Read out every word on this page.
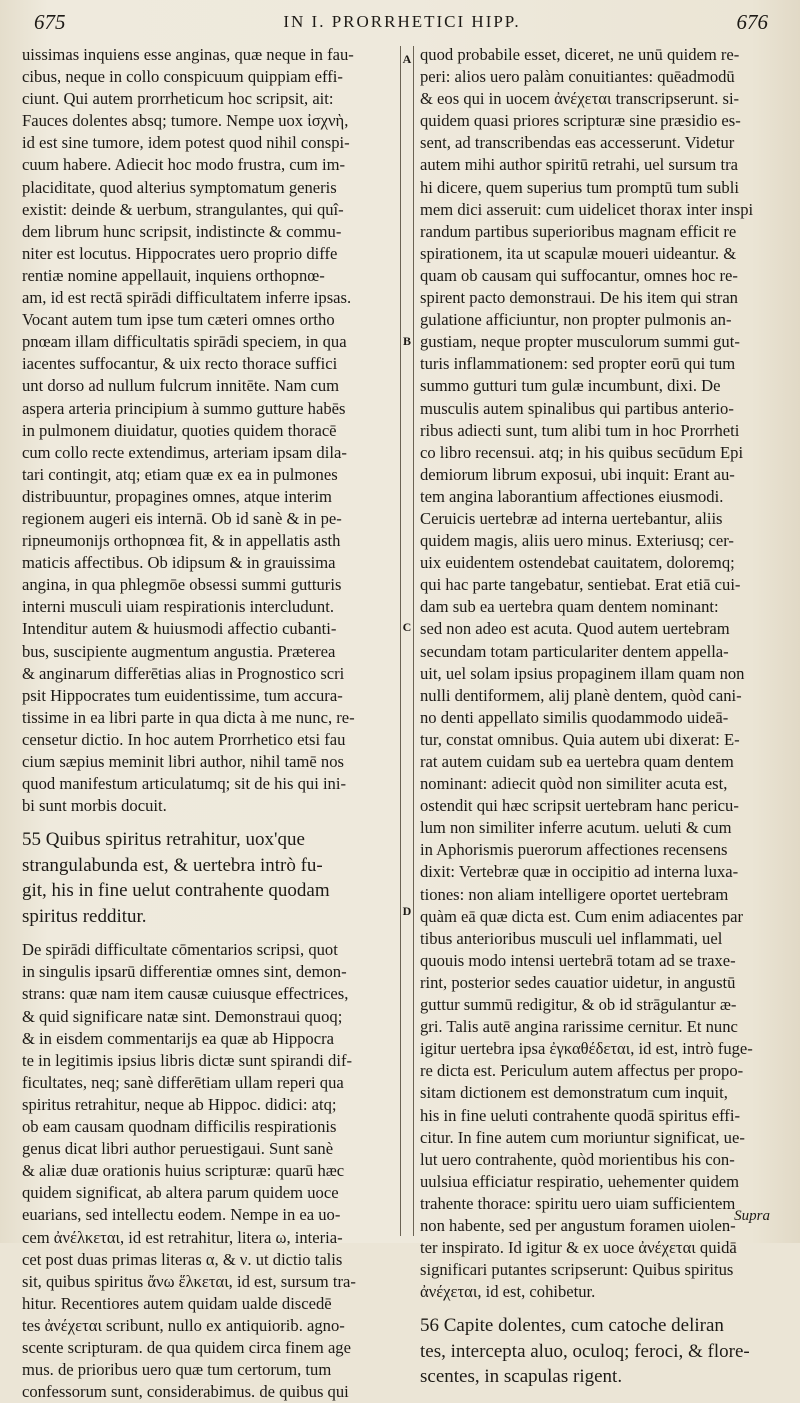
675	IN I. PRORRHETICI HIPP.	676
uissimas inquiens esse anginas, quæ neque in fau-
cibus, neque in collo conspicuum quippiam effi-
ciunt. Qui autem prorrheticum hoc scripsit, ait:
Fauces dolentes absq; tumore. Nempe uox ἰσχνὴ,
id est sine tumore, idem potest quod nihil conspi-
cuum habere. Adiecit hoc modo frustra, cum im-
placiditate, quod alterius symptomatum generis
existit: deinde & uerbum, strangulantes, qui quî-
dem librum hunc scripsit, indistincte & commu-
niter est locutus. Hippocrates uero proprio diffe
rentiæ nomine appellauit, inquiens orthopnœ-
am, id est rectā spirādi difficultatem inferre ipsas.
Vocant autem tum ipse tum cæteri omnes ortho
pnœam illam difficultatis spirādi speciem, in qua
iacentes suffocantur, & uix recto thorace suffici
unt dorso ad nullum fulcrum innitēte. Nam cum
aspera arteria principium à summo gutture habēs
in pulmonem diuidatur, quoties quidem thoracē
cum collo recte extendimus, arteriam ipsam dila-
tari contingit, atq; etiam quæ ex ea in pulmones
distribuuntur, propagines omnes, atque interim
regionem augeri eis internā. Ob id sanè & in pe-
ripneumonijs orthopnœa fit, & in appellatis asth
maticis affectibus. Ob idipsum & in grauissima
angina, in qua phlegmōe obsessi summi gutturis
interni musculi uiam respirationis intercludunt.
Intenditur autem & huiusmodi affectio cubanti-
bus, suscipiente augmentum angustia. Præterea
& anginarum differētias alias in Prognostico scri
psit Hippocrates tum euidentissime, tum accura-
tissime in ea libri parte in qua dicta à me nunc, re-
censetur dictio. In hoc autem Prorrhetico etsi fau
cium sæpius meminit libri author, nihil tamē nos
quod manifestum articulatumq; sit de his qui ini-
bi sunt morbis docuit.
55 Quibus spiritus retrahitur, uox'que
strangulabunda est, & uertebra intrò fu-
git, his in fine uelut contrahente quodam
spiritus redditur.
De spirādi difficultate cōmentarios scripsi, quot
in singulis ipsarū differentiæ omnes sint, demon-
strans: quæ nam item causæ cuiusque effectrices,
& quid significare natæ sint. Demonstraui quoq;
& in eisdem commentarijs ea quæ ab Hippocra
te in legitimis ipsius libris dictæ sunt spirandi dif-
ficultates, neq; sanè differētiam ullam reperi qua
spiritus retrahitur, neque ab Hippoc. didici: atq;
ob eam causam quodnam difficilis respirationis
genus dicat libri author peruestigaui. Sunt sanè
& aliæ duæ orationis huius scripturæ: quarū hæc
quidem significat, ab altera parum quidem uoce
euarians, sed intellectu eodem. Nempe in ea uo-
cem ἀνέλκεται, id est retrahitur, litera ω, interia-
cet post duas primas literas α, & ν. ut dictio talis
sit, quibus spiritus ἄνω ἕλκεται, id est, sursum tra-
hitur. Recentiores autem quidam ualde discedē
tes ἀνέχεται scribunt, nullo ex antiquiorib. agno-
scente scripturam. de qua quidem circa finem age
mus. de prioribus uero quæ tum certorum, tum
confessorum sunt, considerabimus. de quibus qui
A
B
C
D
quod probabile esset, diceret, ne unū quidem re-
peri: alios uero palàm conuitiantes: quēadmodū
& eos qui in uocem ἀνέχεται transcripserunt. si-
quidem quasi priores scripturæ sine præsidio es-
sent, ad transcribendas eas accesserunt. Videtur
autem mihi author spiritū retrahi, uel sursum tra
hi dicere, quem superius tum promptū tum subli
mem dici asseruit: cum uidelicet thorax inter inspi
randum partibus superioribus magnam efficit re
spirationem, ita ut scapulæ moueri uideantur. &
quam ob causam qui suffocantur, omnes hoc re-
spirent pacto demonstraui. De his item qui stran
gulatione afficiuntur, non propter pulmonis an-
gustiam, neque propter musculorum summi gut-
turis inflammationem: sed propter eorū qui tum
summo gutturi tum gulæ incumbunt, dixi. De
musculis autem spinalibus qui partibus anterio-
ribus adiecti sunt, tum alibi tum in hoc Prorrheti
co libro recensui. atq; in his quibus secūdum Epi
demiorum librum exposui, ubi inquit: Erant au-
tem angina laborantium affectiones eiusmodi.
Ceruicis uertebræ ad interna uertebantur, aliis
quidem magis, aliis uero minus. Exteriusq; cer-
uix euidentem ostendebat cauitatem, doloremq;
qui hac parte tangebatur, sentiebat. Erat etiā cui-
dam sub ea uertebra quam dentem nominant:
sed non adeo est acuta. Quod autem uertebram
secundam totam particulariter dentem appella-
uit, uel solam ipsius propaginem illam quam non
nulli dentiformem, alij planè dentem, quòd cani-
no denti appellato similis quodammodo uideā-
tur, constat omnibus. Quia autem ubi dixerat: E-
rat autem cuidam sub ea uertebra quam dentem
nominant: adiecit quòd non similiter acuta est,
ostendit qui hæc scripsit uertebram hanc pericu-
lum non similiter inferre acutum. ueluti & cum
in Aphorismis puerorum affectiones recensens
dixit: Vertebræ quæ in occipitio ad interna luxa-
tiones: non aliam intelligere oportet uertebram
quàm eā quæ dicta est. Cum enim adiacentes par
tibus anterioribus musculi uel inflammati, uel
quouis modo intensi uertebrā totam ad se traxe-
rint, posterior sedes cauatior uidetur, in angustū
guttur summū redigitur, & ob id strāgulantur æ-
gri. Talis autē angina rarissime cernitur. Et nunc
igitur uertebra ipsa ἐγκαθέδεται, id est, intrò fuge-
re dicta est. Periculum autem affectus per propo-
sitam dictionem est demonstratum cum inquit,
his in fine ueluti contrahente quodā spiritus effi-
citur. In fine autem cum moriuntur significat, ue-
lut uero contrahente, quòd morientibus his con-
uulsiua efficiatur respiratio, uehementer quidem
trahente thorace: spiritu uero uiam sufficientem
non habente, sed per angustum foramen uiolen-
ter inspirato. Id igitur & ex uoce ἀνέχεται quidā
significari putantes scripserunt: Quibus spiritus
ἀνέχεται, id est, cohibetur.
56 Capite dolentes, cum catoche deliran
tes, intercepta aluo, oculoq; feroci, & flore-
scentes, in scapulas rigent.
Supra
